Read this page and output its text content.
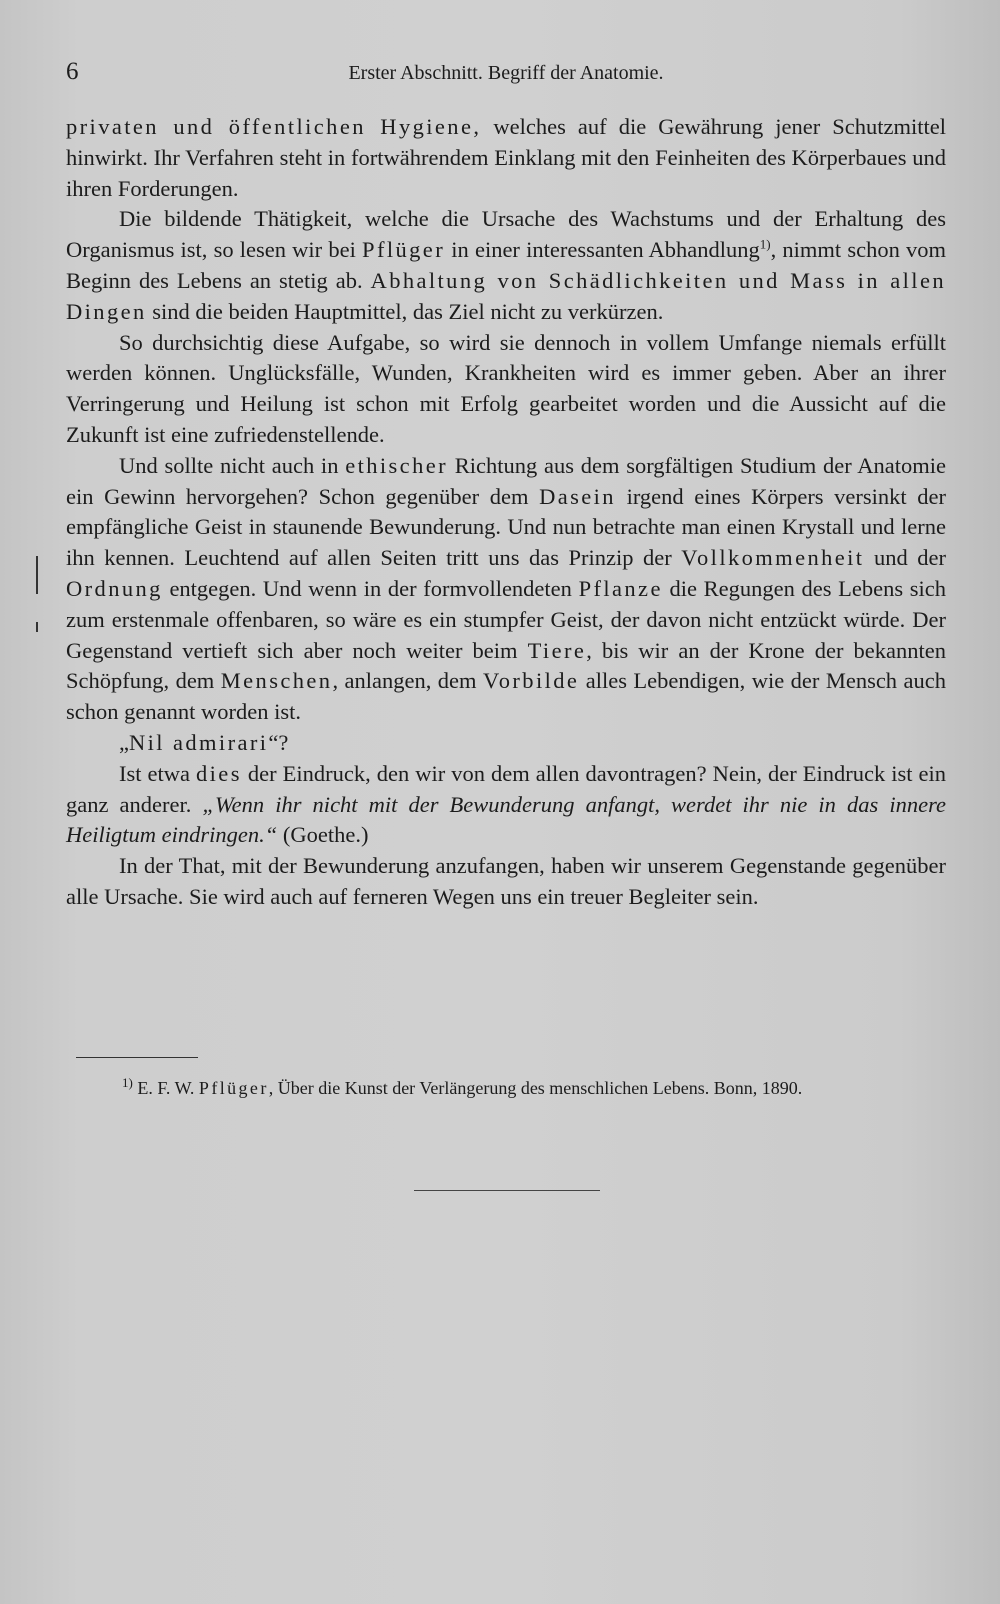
6	Erster Abschnitt. Begriff der Anatomie.

privaten und öffentlichen Hygiene, welches auf die Gewährung jener Schutzmittel hinwirkt. Ihr Verfahren steht in fortwährendem Einklang mit den Feinheiten des Körperbaues und ihren Forderungen.

Die bildende Thätigkeit, welche die Ursache des Wachstums und der Erhaltung des Organismus ist, so lesen wir bei Pflüger in einer interessanten Abhandlung$^{1)}$, nimmt schon vom Beginn des Lebens an stetig ab. Abhaltung von Schädlichkeiten und Mass in allen Dingen sind die beiden Hauptmittel, das Ziel nicht zu verkürzen.

So durchsichtig diese Aufgabe, so wird sie dennoch in vollem Umfange niemals erfüllt werden können. Unglücksfälle, Wunden, Krankheiten wird es immer geben. Aber an ihrer Verringerung und Heilung ist schon mit Erfolg gearbeitet worden und die Aussicht auf die Zukunft ist eine zufriedenstellende.

Und sollte nicht auch in ethischer Richtung aus dem sorgfältigen Studium der Anatomie ein Gewinn hervorgehen? Schon gegenüber dem Dasein irgend eines Körpers versinkt der empfängliche Geist in staunende Bewunderung. Und nun betrachte man einen Krystall und lerne ihn kennen. Leuchtend auf allen Seiten tritt uns das Prinzip der Vollkommenheit und der Ordnung entgegen. Und wenn in der formvollendeten Pflanze die Regungen des Lebens sich zum erstenmale offenbaren, so wäre es ein stumpfer Geist, der davon nicht entzückt würde. Der Gegenstand vertieft sich aber noch weiter beim Tiere, bis wir an der Krone der bekannten Schöpfung, dem Menschen, anlangen, dem Vorbilde alles Lebendigen, wie der Mensch auch schon genannt worden ist.

„Nil admirari“?

Ist etwa dies der Eindruck, den wir von dem allen davontragen? Nein, der Eindruck ist ein ganz anderer. „Wenn ihr nicht mit der Bewunderung anfangt, werdet ihr nie in das innere Heiligtum eindringen.“ (Goethe.)

In der That, mit der Bewunderung anzufangen, haben wir unserem Gegenstande gegenüber alle Ursache. Sie wird auch auf ferneren Wegen uns ein treuer Begleiter sein.

$^{1)}$ E. F. W. Pflüger, Über die Kunst der Verlängerung des menschlichen Lebens. Bonn, 1890.
